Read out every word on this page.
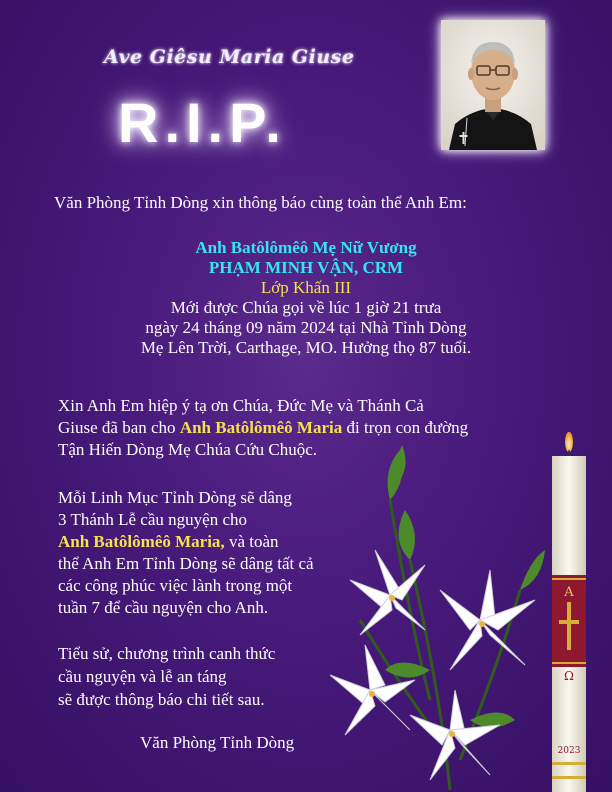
Ave Giêsu Maria Giuse
R.I.P.
Văn Phòng Tỉnh Dòng xin thông báo cùng toàn thể Anh Em:
Anh Batôlômêô Mẹ Nữ Vương
PHẠM MINH VẬN, CRM
Lớp Khấn III
Mới được Chúa gọi về lúc 1 giờ 21 trưa
ngày 24 tháng 09 năm 2024 tại Nhà Tỉnh Dòng
Mẹ Lên Trời, Carthage, MO. Hưởng thọ 87 tuổi.
Xin Anh Em hiệp ý tạ ơn Chúa, Đức Mẹ và Thánh Cả
Giuse đã ban cho Anh Batôlômêô Maria đi trọn con đường
Tận Hiến Dòng Mẹ Chúa Cứu Chuộc.
Mỗi Linh Mục Tỉnh Dòng sẽ dâng
3 Thánh Lễ cầu nguyện cho
Anh Batôlômêô Maria, và toàn
thể Anh Em Tỉnh Dòng sẽ dâng tất cả
các công phúc việc lành trong một
tuần 7 để cầu nguyện cho Anh.
Tiểu sử, chương trình canh thức
cầu nguyện và lễ an táng
sẽ được thông báo chi tiết sau.
Văn Phòng Tỉnh Dòng
A
Ω
2023
